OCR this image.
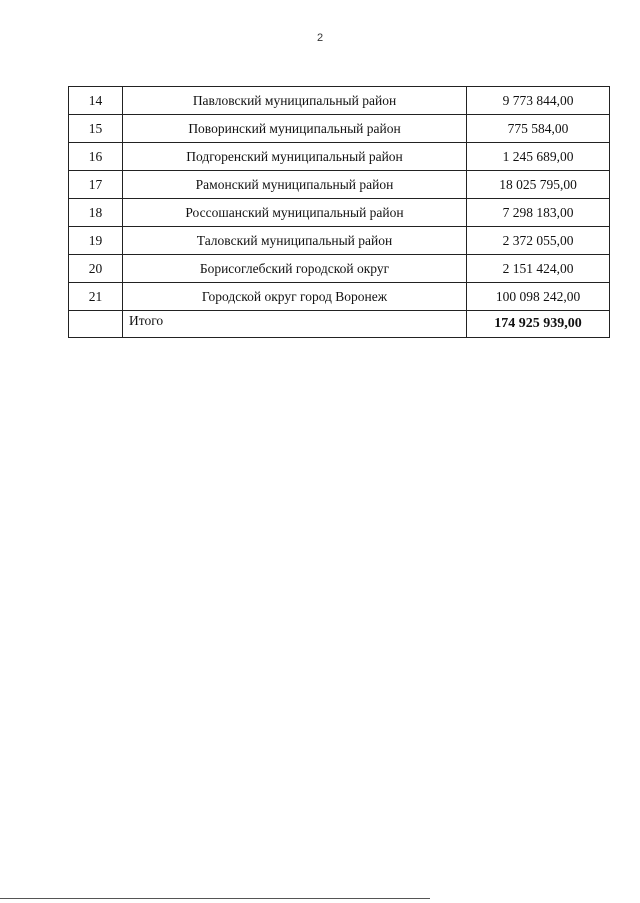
2
14	Павловский муниципальный район	9 773 844,00
15	Поворинский муниципальный район	775 584,00
16	Подгоренский муниципальный район	1 245 689,00
17	Рамонский муниципальный район	18 025 795,00
18	Россошанский муниципальный район	7 298 183,00
19	Таловский муниципальный район	2 372 055,00
20	Борисоглебский городской округ	2 151 424,00
21	Городской округ город Воронеж	100 098 242,00
	Итого	174 925 939,00
